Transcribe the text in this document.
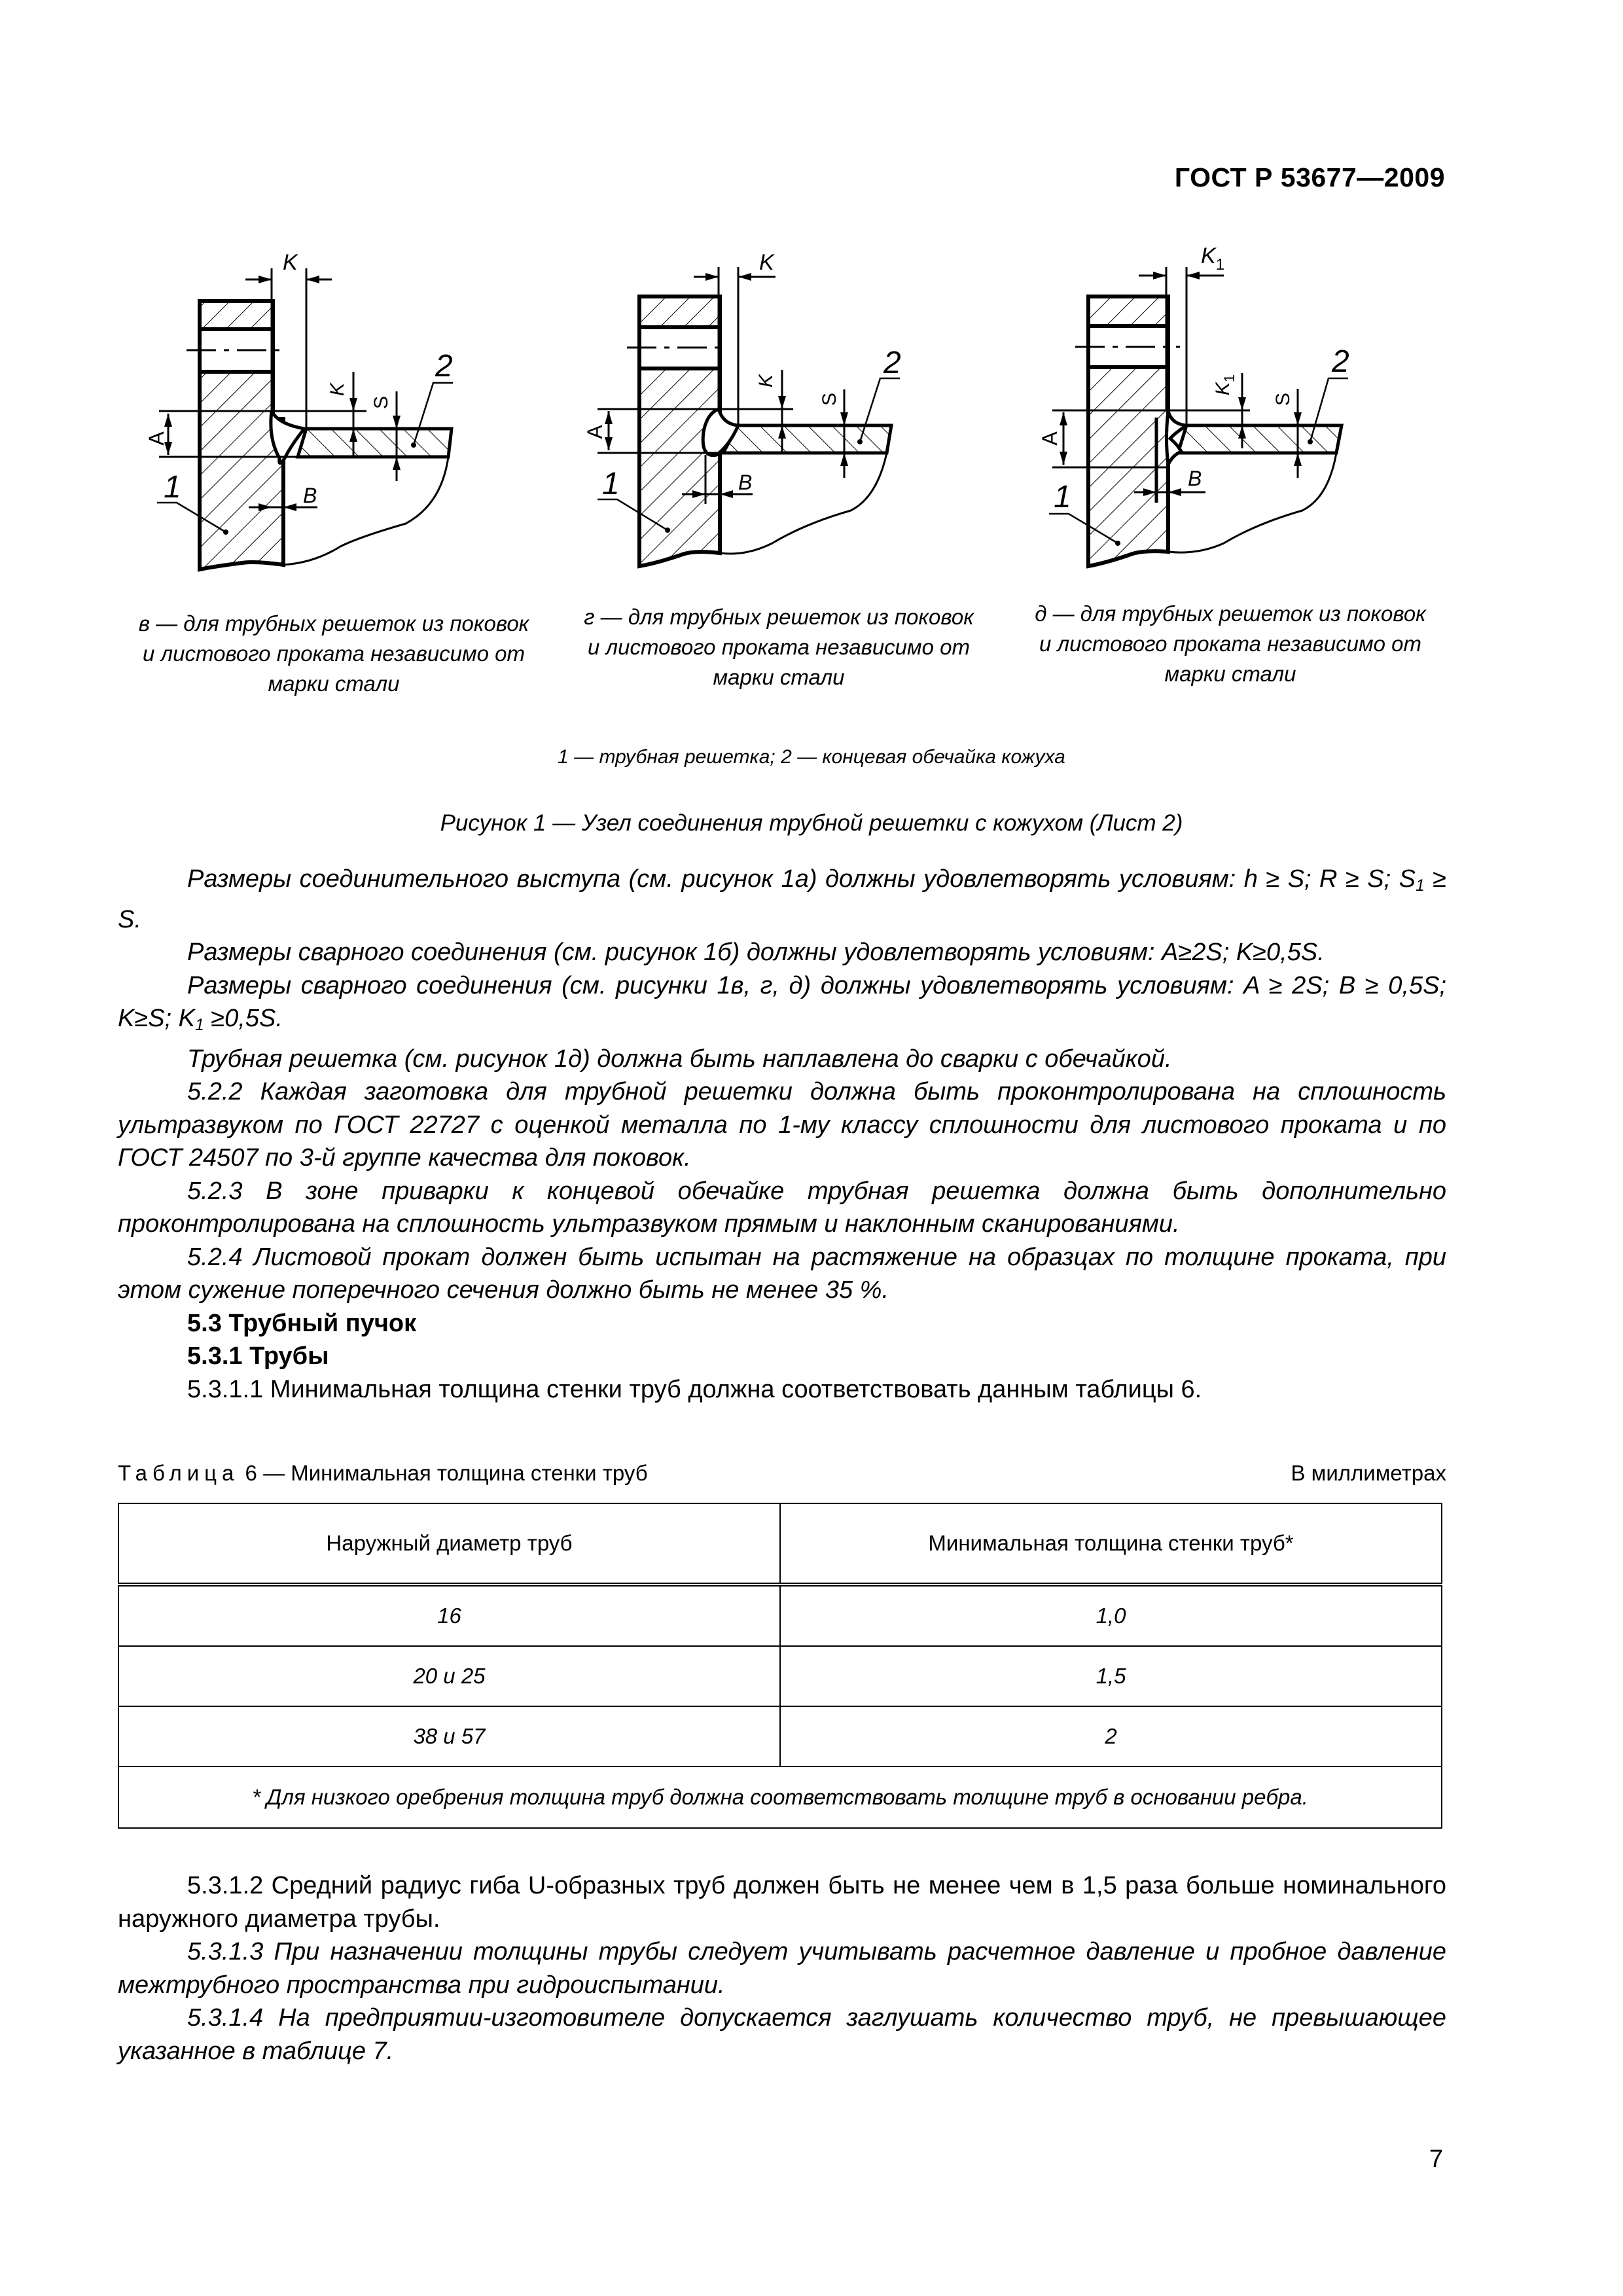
ГОСТ Р 53677—2009
K
A
K
S
B
1
2
K
A
K
S
B
1
2
$K_1$
A
$K_1$
S
B
1
2
в — для трубных решеток из поковок и листового проката независимо от марки стали
г — для трубных решеток из поковок и листового проката независимо от марки стали
д — для трубных решеток из поковок и листового проката независимо от марки стали
1 — трубная решетка; 2 — концевая обечайка кожуха
Рисунок 1 — Узел соединения трубной решетки с кожухом (Лист 2)

Размеры соединительного выступа (см. рисунок 1а) должны удовлетворять условиям: h ≥ S; R ≥ S; $S_1 \ge S$.

Размеры сварного соединения (см. рисунок 1б) должны удовлетворять условиям: A≥2S; K≥0,5S.

Размеры сварного соединения (см. рисунки 1в, г, д) должны удовлетворять условиям: A ≥ 2S; B ≥ 0,5S; K≥S; $K_1 \ge 0,5S$.

Трубная решетка (см. рисунок 1д) должна быть наплавлена до сварки с обечайкой.

5.2.2 Каждая заготовка для трубной решетки должна быть проконтролирована на сплошность ультразвуком по ГОСТ 22727 с оценкой металла по 1-му классу сплошности для листового проката и по ГОСТ 24507 по 3-й группе качества для поковок.

5.2.3 В зоне приварки к концевой обечайке трубная решетка должна быть дополнительно проконтролирована на сплошность ультразвуком прямым и наклонным сканированиями.

5.2.4 Листовой прокат должен быть испытан на растяжение на образцах по толщине проката, при этом сужение поперечного сечения должно быть не менее 35 %.

5.3 Трубный пучок

5.3.1 Трубы

5.3.1.1 Минимальная толщина стенки труб должна соответствовать данным таблицы 6.

Таблица 6 — Минимальная толщина стенки труб	В миллиметрах
Наружный диаметр труб	Минимальная толщина стенки труб*
16	1,0
20 и 25	1,5
38 и 57	2
* Для низкого оребрения толщина труб должна соответствовать толщине труб в основании ребра.	

5.3.1.2 Средний радиус гиба U-образных труб должен быть не менее чем в 1,5 раза больше номинального наружного диаметра трубы.

5.3.1.3 При назначении толщины трубы следует учитывать расчетное давление и пробное давление межтрубного пространства при гидроиспытании.

5.3.1.4 На предприятии-изготовителе допускается заглушать количество труб, не превышающее указанное в таблице 7.

7
